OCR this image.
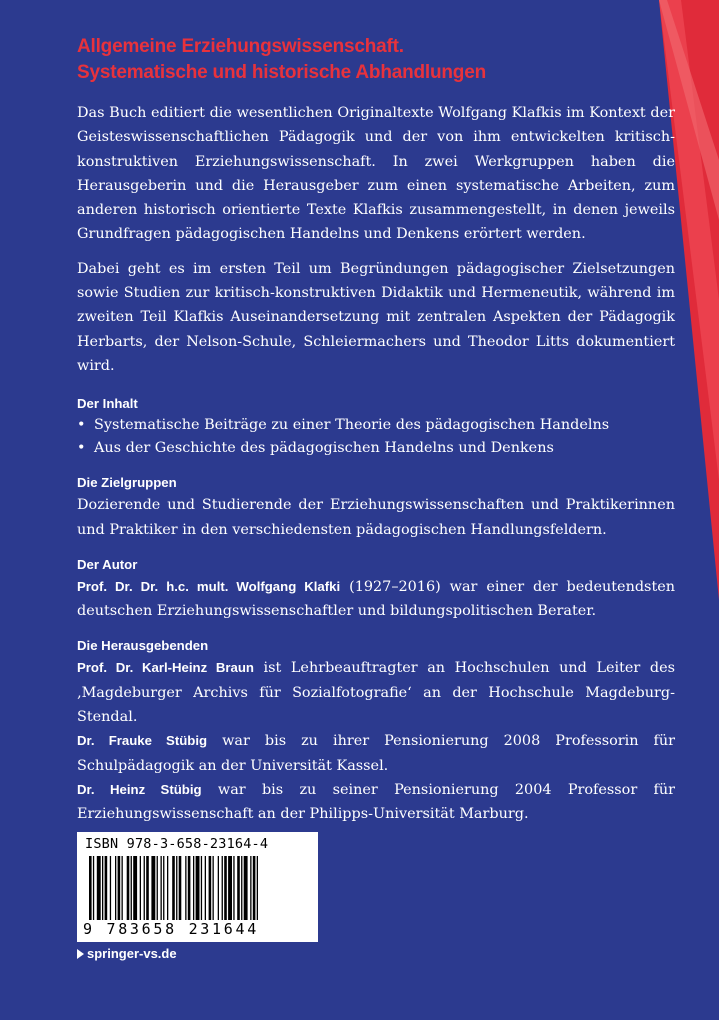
Allgemeine Erziehungswissenschaft.
Systematische und historische Abhandlungen

Das Buch editiert die wesentlichen Originaltexte Wolfgang Klafkis im Kontext der Geisteswissenschaftlichen Pädagogik und der von ihm entwickelten kritisch-konstruktiven Erziehungswissenschaft. In zwei Werkgruppen haben die Herausgeberin und die Herausgeber zum einen systematische Arbeiten, zum anderen historisch orientierte Texte Klafkis zusammengestellt, in denen jeweils Grundfragen pädagogischen Handelns und Denkens erörtert werden.

Dabei geht es im ersten Teil um Begründungen pädagogischer Zielsetzungen sowie Studien zur kritisch-konstruktiven Didaktik und Hermeneutik, während im zweiten Teil Klafkis Auseinandersetzung mit zentralen Aspekten der Pädagogik Herbarts, der Nelson-Schule, Schleiermachers und Theodor Litts dokumentiert wird.

Der Inhalt
• Systematische Beiträge zu einer Theorie des pädagogischen Handelns
• Aus der Geschichte des pädagogischen Handelns und Denkens
Die Zielgruppen

Dozierende und Studierende der Erziehungswissenschaften und Praktikerinnen und Praktiker in den verschiedensten pädagogischen Handlungsfeldern.

Der Autor

Prof. Dr. Dr. h.c. mult. Wolfgang Klafki (1927–2016) war einer der bedeutendsten deutschen Erziehungswissenschaftler und bildungspolitischen Berater.

Die Herausgebenden

Prof. Dr. Karl-Heinz Braun ist Lehrbeauftragter an Hochschulen und Leiter des ‚Magdeburger Archivs für Sozialfotografie‘ an der Hochschule Magdeburg-Stendal.

Dr. Frauke Stübig war bis zu ihrer Pensionierung 2008 Professorin für Schulpädagogik an der Universität Kassel.

Dr. Heinz Stübig war bis zu seiner Pensionierung 2004 Professor für Erziehungswissenschaft an der Philipps-Universität Marburg.

ISBN 978-3-658-23164-4
9 783658 231644
springer-vs.de
